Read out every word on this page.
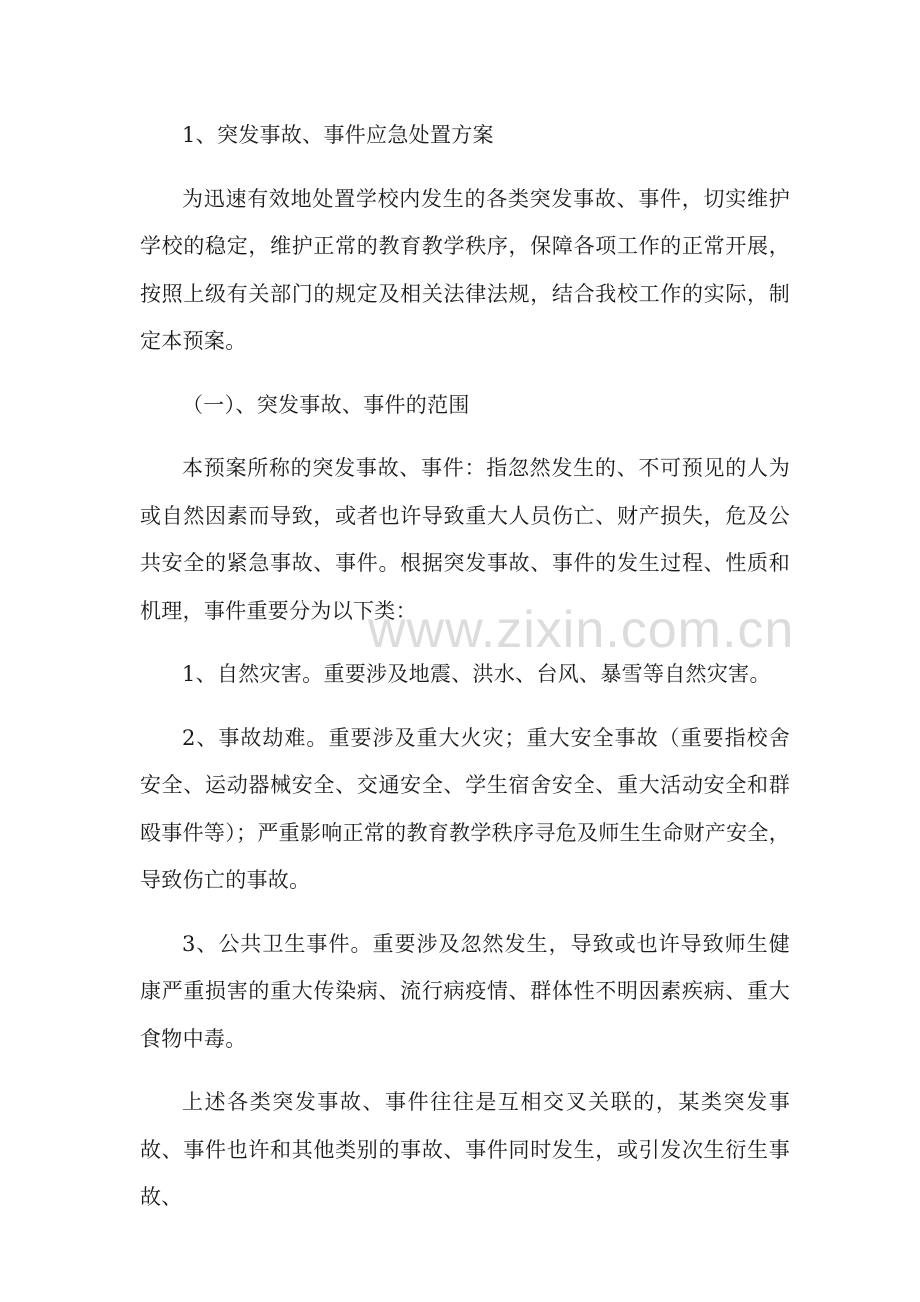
1、突发事故、事件应急处置方案

为迅速有效地处置学校内发生的各类突发事故、事件，切实维护学校的稳定，维护正常的教育教学秩序，保障各项工作的正常开展，按照上级有关部门的规定及相关法律法规，结合我校工作的实际，制定本预案。

（一）、突发事故、事件的范围

本预案所称的突发事故、事件：指忽然发生的、不可预见的人为或自然因素而导致，或者也许导致重大人员伤亡、财产损失，危及公共安全的紧急事故、事件。根据突发事故、事件的发生过程、性质和机理，事件重要分为以下类：

1、自然灾害。重要涉及地震、洪水、台风、暴雪等自然灾害。

2、事故劫难。重要涉及重大火灾；重大安全事故（重要指校舍安全、运动器械安全、交通安全、学生宿舍安全、重大活动安全和群殴事件等）；严重影响正常的教育教学秩序寻危及师生生命财产安全，导致伤亡的事故。

3、公共卫生事件。重要涉及忽然发生，导致或也许导致师生健康严重损害的重大传染病、流行病疫情、群体性不明因素疾病、重大食物中毒。

上述各类突发事故、事件往往是互相交叉关联的，某类突发事故、事件也许和其他类别的事故、事件同时发生，或引发次生衍生事故、

www.zixin.com.cn
